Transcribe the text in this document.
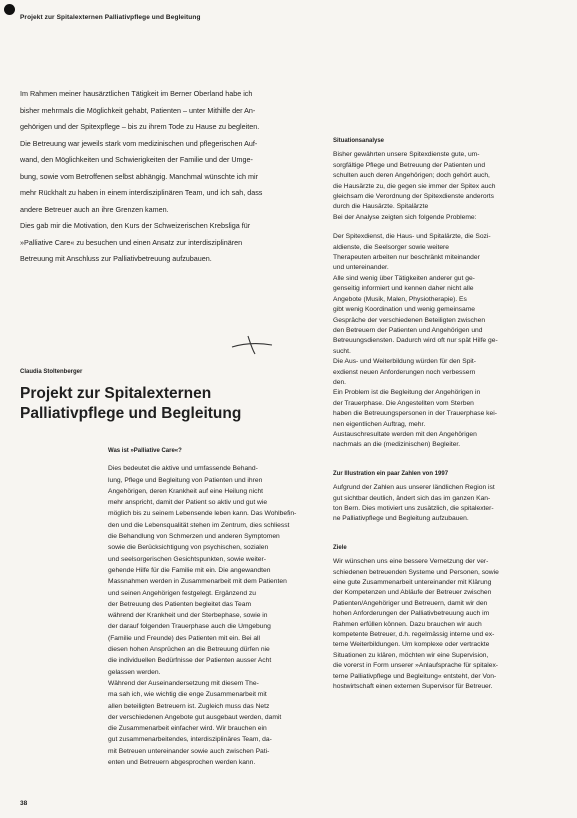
Projekt zur Spitalexternen Palliativpflege und Begleitung

Im Rahmen meiner hausärztlichen Tätigkeit im Berner Oberland habe ich

bisher mehrmals die Möglichkeit gehabt, Patienten – unter Mithilfe der An-

gehörigen und der Spitexpflege – bis zu ihrem Tode zu Hause zu begleiten.

Die Betreuung war jeweils stark vom medizinischen und pflegerischen Auf-

wand, den Möglichkeiten und Schwierigkeiten der Familie und der Umge-

bung, sowie vom Betroffenen selbst abhängig. Manchmal wünschte ich mir

mehr Rückhalt zu haben in einem interdisziplinären Team, und ich sah, dass

andere Betreuer auch an ihre Grenzen kamen.

Dies gab mir die Motivation, den Kurs der Schweizerischen Krebsliga für

»Palliative Care« zu besuchen und einen Ansatz zur interdisziplinären

Betreuung mit Anschluss zur Palliativbetreuung aufzubauen.

Claudia Stoltenberger
Projekt zur Spitalexternen
Palliativpflege und Begleitung
Was ist »Palliative Care«?

Dies bedeutet die aktive und umfassende Behand-

lung, Pflege und Begleitung von Patienten und ihren

Angehörigen, deren Krankheit auf eine Heilung nicht

mehr anspricht, damit der Patient so aktiv und gut wie

möglich bis zu seinem Lebensende leben kann. Das Wohlbefin-

den und die Lebensqualität stehen im Zentrum, dies schliesst

die Behandlung von Schmerzen und anderen Symptomen

sowie die Berücksichtigung von psychischen, sozialen

und seelsorgerischen Gesichtspunkten, sowie weiter-

gehende Hilfe für die Familie mit ein. Die angewandten

Massnahmen werden in Zusammenarbeit mit dem Patienten

und seinen Angehörigen festgelegt. Ergänzend zu

der Betreuung des Patienten begleitet das Team

während der Krankheit und der Sterbephase, sowie in

der darauf folgenden Trauerphase auch die Umgebung

(Familie und Freunde) des Patienten mit ein. Bei all

diesen hohen Ansprüchen an die Betreuung dürfen nie

die individuellen Bedürfnisse der Patienten ausser Acht

gelassen werden.

Während der Auseinandersetzung mit diesem The-

ma sah ich, wie wichtig die enge Zusammenarbeit mit

allen beteiligten Betreuern ist. Zugleich muss das Netz

der verschiedenen Angebote gut ausgebaut werden, damit

die Zusammenarbeit einfacher wird. Wir brauchen ein

gut zusammenarbeitendes, interdisziplinäres Team, da-

mit Betreuen untereinander sowie auch zwischen Pati-

enten und Betreuern abgesprochen werden kann.

Situationsanalyse

Bisher gewährten unsere Spitexdienste gute, um-

sorgfältige Pflege und Betreuung der Patienten und

schulten auch deren Angehörigen; doch gehört auch,

die Hausärzte zu, die gegen sie immer der Spitex auch

gleichsam die Verordnung der Spitexdienste anderorts

durch die Hausärzte. Spitalärzte

Bei der Analyse zeigten sich folgende Probleme:

Der Spitexdienst, die Haus- und Spitalärzte, die Sozi-

aldienste, die Seelsorger sowie weitere

Therapeuten arbeiten nur beschränkt miteinander

und untereinander.

Alle sind wenig über Tätigkeiten anderer gut ge-

genseitig informiert und kennen daher nicht alle

Angebote (Musik, Malen, Physiotherapie). Es

gibt wenig Koordination und wenig gemeinsame

Gespräche der verschiedenen Beteiligten zwischen

den Betreuern der Patienten und Angehörigen und

Betreuungsdiensten. Dadurch wird oft nur spät Hilfe ge-

sucht.

Die Aus- und Weiterbildung würden für den Spit-

exdienst neuen Anforderungen noch verbessern

den.

Ein Problem ist die Begleitung der Angehörigen in

der Trauerphase. Die Angestellten vom Sterben

haben die Betreuungspersonen in der Trauerphase kei-

nen eigentlichen Auftrag, mehr.

Austauschresultate werden mit den Angehörigen

nachmals an die (medizinischen) Begleiter.

Zur Illustration ein paar Zahlen von 1997

Aufgrund der Zahlen aus unserer ländlichen Region ist

gut sichtbar deutlich, ändert sich das im ganzen Kan-

ton Bern. Dies motiviert uns zusätzlich, die spitalexter-

ne Palliativpflege und Begleitung aufzubauen.

Ziele

Wir wünschen uns eine bessere Vernetzung der ver-

schiedenen betreuenden Systeme und Personen, sowie

eine gute Zusammenarbeit untereinander mit Klärung

der Kompetenzen und Abläufe der Betreuer zwischen

Patienten/Angehöriger und Betreuern, damit wir den

hohen Anforderungen der Palliativbetreuung auch im

Rahmen erfüllen können. Dazu brauchen wir auch

kompetente Betreuer, d.h. regelmässig interne und ex-

terne Weiterbildungen. Um komplexe oder vertrackte

Situationen zu klären, möchten wir eine Supervision,

die vorerst in Form unserer »Anlaufsprache für spitalex-

terne Palliativpflege und Begleitung« entsteht, der Von-

hostwirtschaft einen externen Supervisor für Betreuer.

38
